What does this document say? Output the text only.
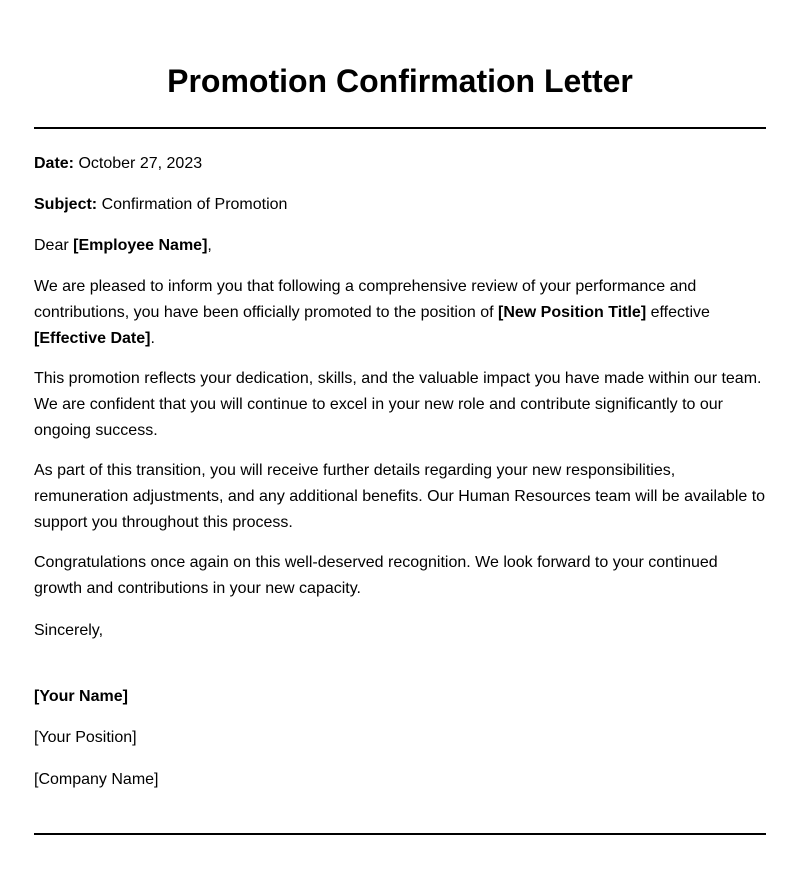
Promotion Confirmation Letter

Date: October 27, 2023

Subject: Confirmation of Promotion

Dear [Employee Name],

We are pleased to inform you that following a comprehensive review of your performance and contributions, you have been officially promoted to the position of [New Position Title] effective [Effective Date].

This promotion reflects your dedication, skills, and the valuable impact you have made within our team. We are confident that you will continue to excel in your new role and contribute significantly to our ongoing success.

As part of this transition, you will receive further details regarding your new responsibilities, remuneration adjustments, and any additional benefits. Our Human Resources team will be available to support you throughout this process.

Congratulations once again on this well-deserved recognition. We look forward to your continued growth and contributions in your new capacity.

Sincerely,

[Your Name]

[Your Position]

[Company Name]
